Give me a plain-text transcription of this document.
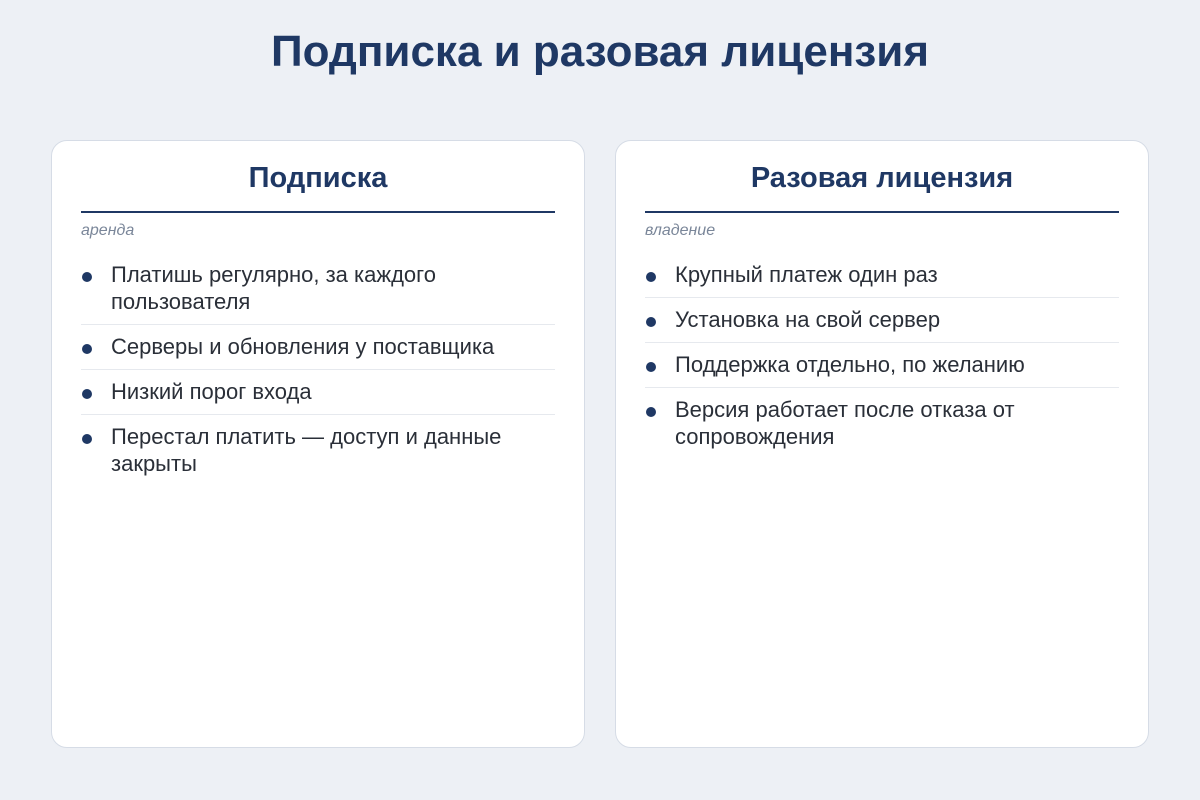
Подписка и разовая лицензия
Подписка
аренда
Платишь регулярно, за каждого пользователя
Серверы и обновления у поставщика
Низкий порог входа
Перестал платить — доступ и данные закрыты
Разовая лицензия
владение
Крупный платеж один раз
Установка на свой сервер
Поддержка отдельно, по желанию
Версия работает после отказа от сопровождения
